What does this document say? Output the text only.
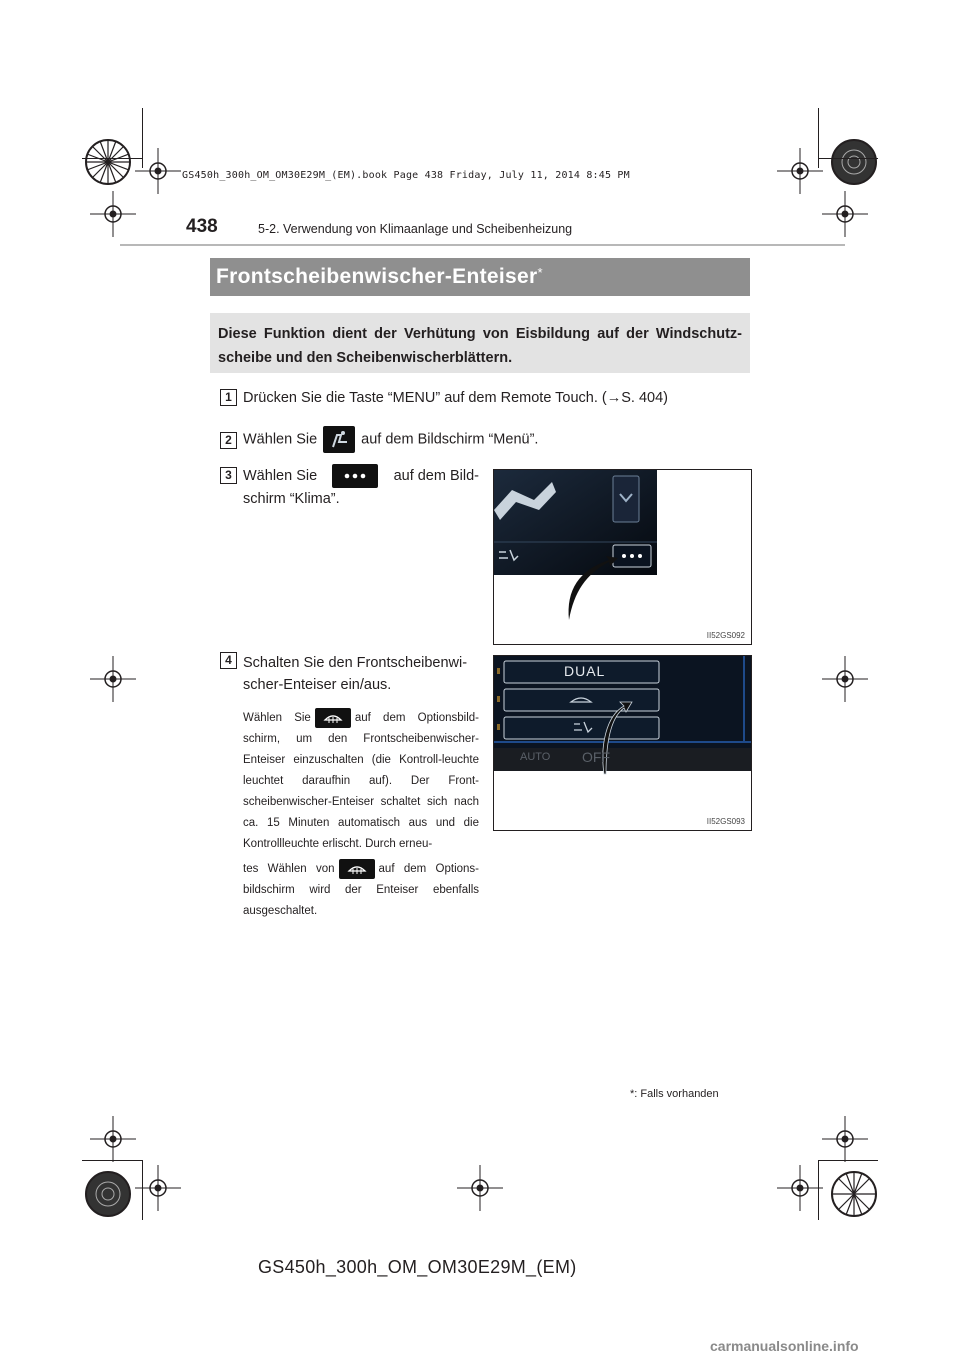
GS450h_300h_OM_OM30E29M_(EM).book Page 438 Friday, July 11, 2014 8:45 PM
438	5-2. Verwendung von Klimaanlage und Scheibenheizung
Frontscheibenwischer-Enteiser*
Diese Funktion dient der Verhütung von Eisbildung auf der Windschutz-scheibe und den Scheibenwischerblättern.
1 Drücken Sie die Taste “MENU” auf dem Remote Touch. (→S. 404)
2 Wählen Sie	auf dem Bildschirm “Menü”.
3 Wählen Sie	auf dem Bild-
schirm “Klima”.
II52GS092
4 Schalten Sie den Frontscheibenwi-
scher-Enteiser ein/aus.
Wählen Sie	auf dem Optionsbild-schirm, um den Frontscheibenwischer-Enteiser einzuschalten (die Kontroll-leuchte leuchtet daraufhin auf). Der Front-scheibenwischer-Enteiser schaltet sich nach ca. 15 Minuten automatisch aus und die Kontrollleuchte erlischt. Durch erneu-
tes Wählen von	auf dem Options-bildschirm wird der Enteiser ebenfalls ausgeschaltet.
DUAL
AUTO OFF
II52GS093
*: Falls vorhanden
GS450h_300h_OM_OM30E29M_(EM)
carmanualsonline.info
